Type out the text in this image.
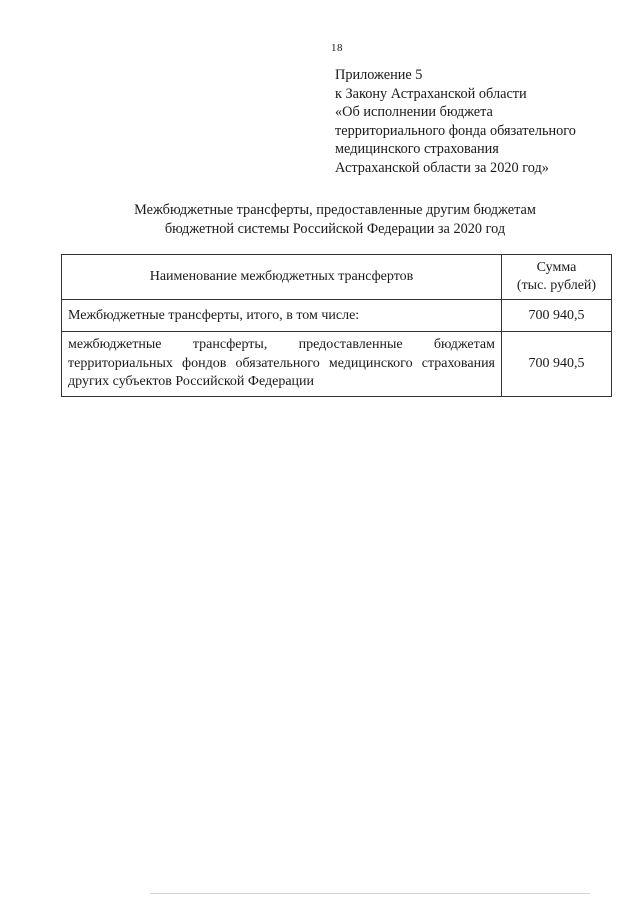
18
Приложение 5
к Закону Астраханской области
«Об исполнении бюджета
территориального фонда обязательного
медицинского страхования
Астраханской области за 2020 год»
Межбюджетные трансферты, предоставленные другим бюджетам
бюджетной системы Российской Федерации за 2020 год
Наименование межбюджетных трансфертов	Сумма
(тыс. рублей)

Межбюджетные трансферты, итого, в том числе:	700 940,5
межбюджетные трансферты, предоставленные бюджетам территориальных фондов обязательного медицинского страхования других субъектов Российской Федерации	700 940,5
